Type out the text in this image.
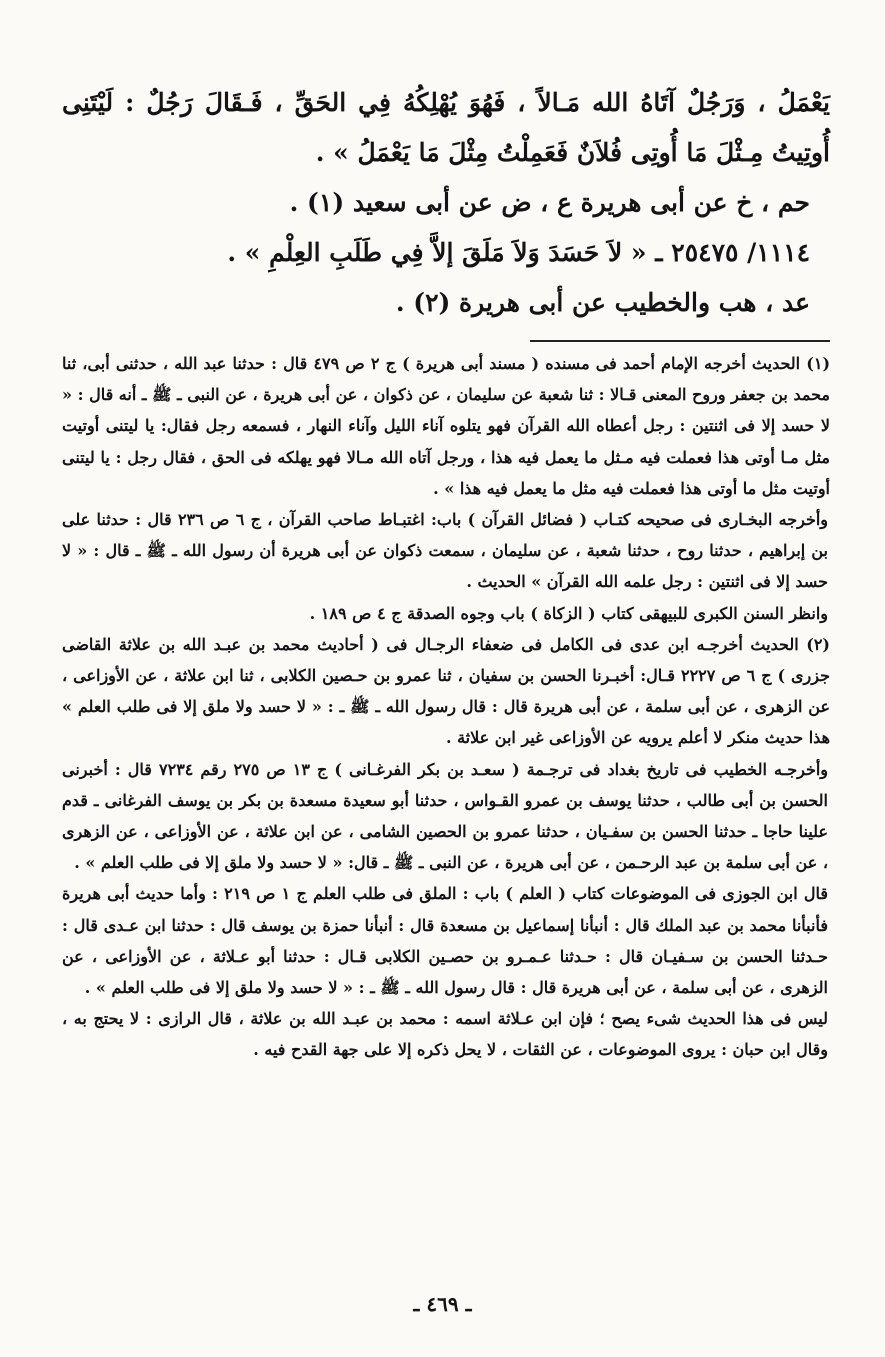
يَعْمَلُ ، وَرَجُلٌ آتَاهُ الله مَـالاً ، فَهُوَ يُهْلِكُهُ فِي الحَقِّ ، فَـقَالَ رَجُلٌ : لَيْتَنِى أُوتِيتُ مِـثْلَ مَا أُوتِى فُلاَنٌ فَعَمِلْتُ مِثْلَ مَا يَعْمَلُ » .

حم ، خ عن أبى هريرة ع ، ض عن أبى سعيد (١) .

١١١٤/ ٢٥٤٧٥ ـ « لاَ حَسَدَ وَلاَ مَلَقَ إلاَّ فِي طَلَبِ العِلْمِ » .

عد ، هب والخطيب عن أبى هريرة (٢) .

(١) الحديث أخرجه الإمام أحمد فى مسنده ( مسند أبى هريرة ) ج ٢ ص ٤٧٩ قال : حدثنا عبد الله ، حدثنى أبى، ثنا محمد بن جعفر وروح المعنى قـالا : ثنا شعبة عن سليمان ، عن ذكوان ، عن أبى هريرة ، عن النبى ـ ﷺ ـ أنه قال : « لا حسد إلا فى اثنتين : رجل أعطاه الله القرآن فهو يتلوه آناء الليل وآناء النهار ، فسمعه رجل فقال: يا ليتنى أوتيت مثل مـا أوتى هذا فعملت فيه مـثل ما يعمل فيه هذا ، ورجل آتاه الله مـالا فهو يهلكه فى الحق ، فقال رجل : يا ليتنى أوتيت مثل ما أوتى هذا فعملت فيه مثل ما يعمل فيه هذا » .

وأخرجه البخـارى فى صحيحه كتـاب ( فضائل القرآن ) باب: اغتبـاط صاحب القرآن ، ج ٦ ص ٢٣٦ قال : حدثنا على بن إبراهيم ، حدثنا روح ، حدثنا شعبة ، عن سليمان ، سمعت ذكوان عن أبى هريرة أن رسول الله ـ ﷺ ـ قال : « لا حسد إلا فى اثنتين : رجل علمه الله القرآن » الحديث .

وانظر السنن الكبرى للبيهقى كتاب ( الزكاة ) باب وجوه الصدقة ج ٤ ص ١٨٩ .

(٢) الحديث أخرجـه ابن عدى فى الكامل فى ضعفاء الرجـال فى ( أحاديث محمد بن عبـد الله بن علاثة القاضى جزرى ) ج ٦ ص ٢٢٢٧ قـال: أخبـرنا الحسن بن سفيان ، ثنا عمرو بن حـصين الكلابى ، ثنا ابن علاثة ، عن الأوزاعى ، عن الزهرى ، عن أبى سلمة ، عن أبى هريرة قال : قال رسول الله ـ ﷺ ـ : « لا حسد ولا ملق إلا فى طلب العلم » هذا حديث منكر لا أعلم يرويه عن الأوزاعى غير ابن علاثة .

وأخرجـه الخطيب فى تاريخ بغداد فى ترجـمة ( سعـد بن بكر الفرغـانى ) ج ١٣ ص ٢٧٥ رقم ٧٢٣٤ قال : أخبرنى الحسن بن أبى طالب ، حدثنا يوسف بن عمرو القـواس ، حدثنا أبو سعيدة مسعدة بن بكر بن يوسف الفرغانى ـ قدم علينا حاجا ـ حدثنا الحسن بن سفـيان ، حدثنا عمرو بن الحصين الشامى ، عن ابن علاثة ، عن الأوزاعى ، عن الزهرى ، عن أبى سلمة بن عبد الرحـمن ، عن أبى هريرة ، عن النبى ـ ﷺ ـ قال: « لا حسد ولا ملق إلا فى طلب العلم » .

قال ابن الجوزى فى الموضوعات كتاب ( العلم ) باب : الملق فى طلب العلم ج ١ ص ٢١٩ : وأما حديث أبى هريرة فأنبأنا محمد بن عبد الملك قال : أنبأنا إسماعيل بن مسعدة قال : أنبأنا حمزة بن يوسف قال : حدثنا ابن عـدى قال : حـدثنا الحسن بن سـفيـان قال : حـدثنا عـمـرو بن حصـين الكلابى قـال : حدثنا أبو عـلاثة ، عن الأوزاعى ، عن الزهرى ، عن أبى سلمة ، عن أبى هريرة قال : قال رسول الله ـ ﷺ ـ : « لا حسد ولا ملق إلا فى طلب العلم » .

ليس فى هذا الحديث شىء يصح ؛ فإن ابن عـلاثة اسمه : محمد بن عبـد الله بن علاثة ، قال الرازى : لا يحتج به ، وقال ابن حبان : يروى الموضوعات ، عن الثقات ، لا يحل ذكره إلا على جهة القدح فيه .

ـ ٤٦٩ ـ
